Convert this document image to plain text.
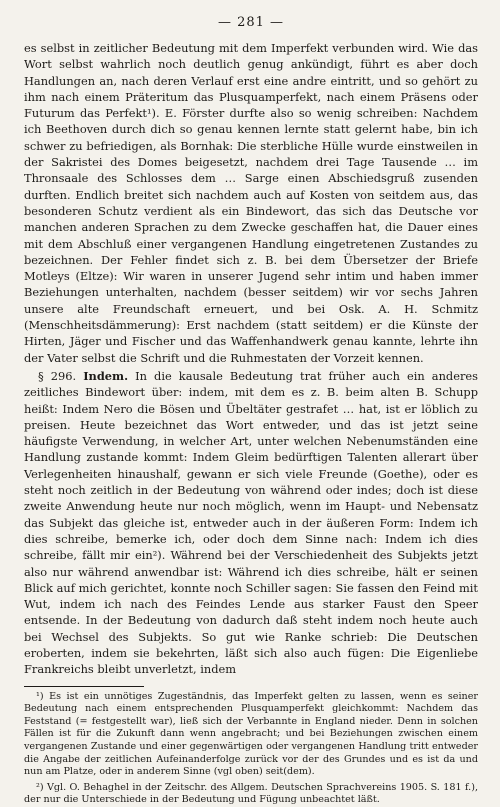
— 281 —

es selbst in zeitlicher Bedeutung mit dem Imperfekt verbunden wird. Wie das Wort selbst wahrlich noch deutlich genug ankündigt, führt es aber doch Handlungen an, nach deren Verlauf erst eine andre eintritt, und so gehört zu ihm nach einem Präteritum das Plusquamperfekt, nach einem Präsens oder Futurum das Perfekt¹). E. Förster durfte also so wenig schreiben: Nachdem ich Beethoven durch dich so genau kennen lernte statt gelernt habe, bin ich schwer zu befriedigen, als Bornhak: Die sterbliche Hülle wurde einstweilen in der Sakristei des Domes beigesetzt, nachdem drei Tage Tausende … im Thronsaale des Schlosses dem … Sarge einen Abschiedsgruß zusenden durften. Endlich breitet sich nachdem auch auf Kosten von seitdem aus, das besonderen Schutz verdient als ein Bindewort, das sich das Deutsche vor manchen anderen Sprachen zu dem Zwecke geschaffen hat, die Dauer eines mit dem Abschluß einer vergangenen Handlung eingetretenen Zustandes zu bezeichnen. Der Fehler findet sich z. B. bei dem Übersetzer der Briefe Motleys (Eltze): Wir waren in unserer Jugend sehr intim und haben immer Beziehungen unterhalten, nachdem (besser seitdem) wir vor sechs Jahren unsere alte Freundschaft erneuert, und bei Osk. A. H. Schmitz (Menschheitsdämmerung): Erst nachdem (statt seitdem) er die Künste der Hirten, Jäger und Fischer und das Waffenhandwerk genau kannte, lehrte ihn der Vater selbst die Schrift und die Ruhmestaten der Vorzeit kennen.

§ 296. Indem. In die kausale Bedeutung trat früher auch ein anderes zeitliches Bindewort über: indem, mit dem es z. B. beim alten B. Schupp heißt: Indem Nero die Bösen und Übeltäter gestrafet … hat, ist er löblich zu preisen. Heute bezeichnet das Wort entweder, und das ist jetzt seine häufigste Verwendung, in welcher Art, unter welchen Nebenumständen eine Handlung zustande kommt: Indem Gleim bedürftigen Talenten allerart über Verlegenheiten hinaushalf, gewann er sich viele Freunde (Goethe), oder es steht noch zeitlich in der Bedeutung von während oder indes; doch ist diese zweite Anwendung heute nur noch möglich, wenn im Haupt- und Nebensatz das Subjekt das gleiche ist, entweder auch in der äußeren Form: Indem ich dies schreibe, bemerke ich, oder doch dem Sinne nach: Indem ich dies schreibe, fällt mir ein²). Während bei der Verschiedenheit des Subjekts jetzt also nur während anwendbar ist: Während ich dies schreibe, hält er seinen Blick auf mich gerichtet, konnte noch Schiller sagen: Sie fassen den Feind mit Wut, indem ich nach des Feindes Lende aus starker Faust den Speer entsende. In der Bedeutung von dadurch daß steht indem noch heute auch bei Wechsel des Subjekts. So gut wie Ranke schrieb: Die Deutschen eroberten, indem sie bekehrten, läßt sich also auch fügen: Die Eigenliebe Frankreichs bleibt unverletzt, indem

¹) Es ist ein unnötiges Zugeständnis, das Imperfekt gelten zu lassen, wenn es seiner Bedeutung nach einem entsprechenden Plusquamperfekt gleichkommt: Nachdem das Feststand (= festgestellt war), ließ sich der Verbannte in England nieder. Denn in solchen Fällen ist für die Zukunft dann wenn angebracht; und bei Beziehungen zwischen einem vergangenen Zustande und einer gegenwärtigen oder vergangenen Handlung tritt entweder die Angabe der zeitlichen Aufeinanderfolge zurück vor der des Grundes und es ist da und nun am Platze, oder in anderem Sinne (vgl oben) seit(dem).

²) Vgl. O. Behaghel in der Zeitschr. des Allgem. Deutschen Sprachvereins 1905. S. 181 f.), der nur die Unterschiede in der Bedeutung und Fügung unbeachtet läßt.
